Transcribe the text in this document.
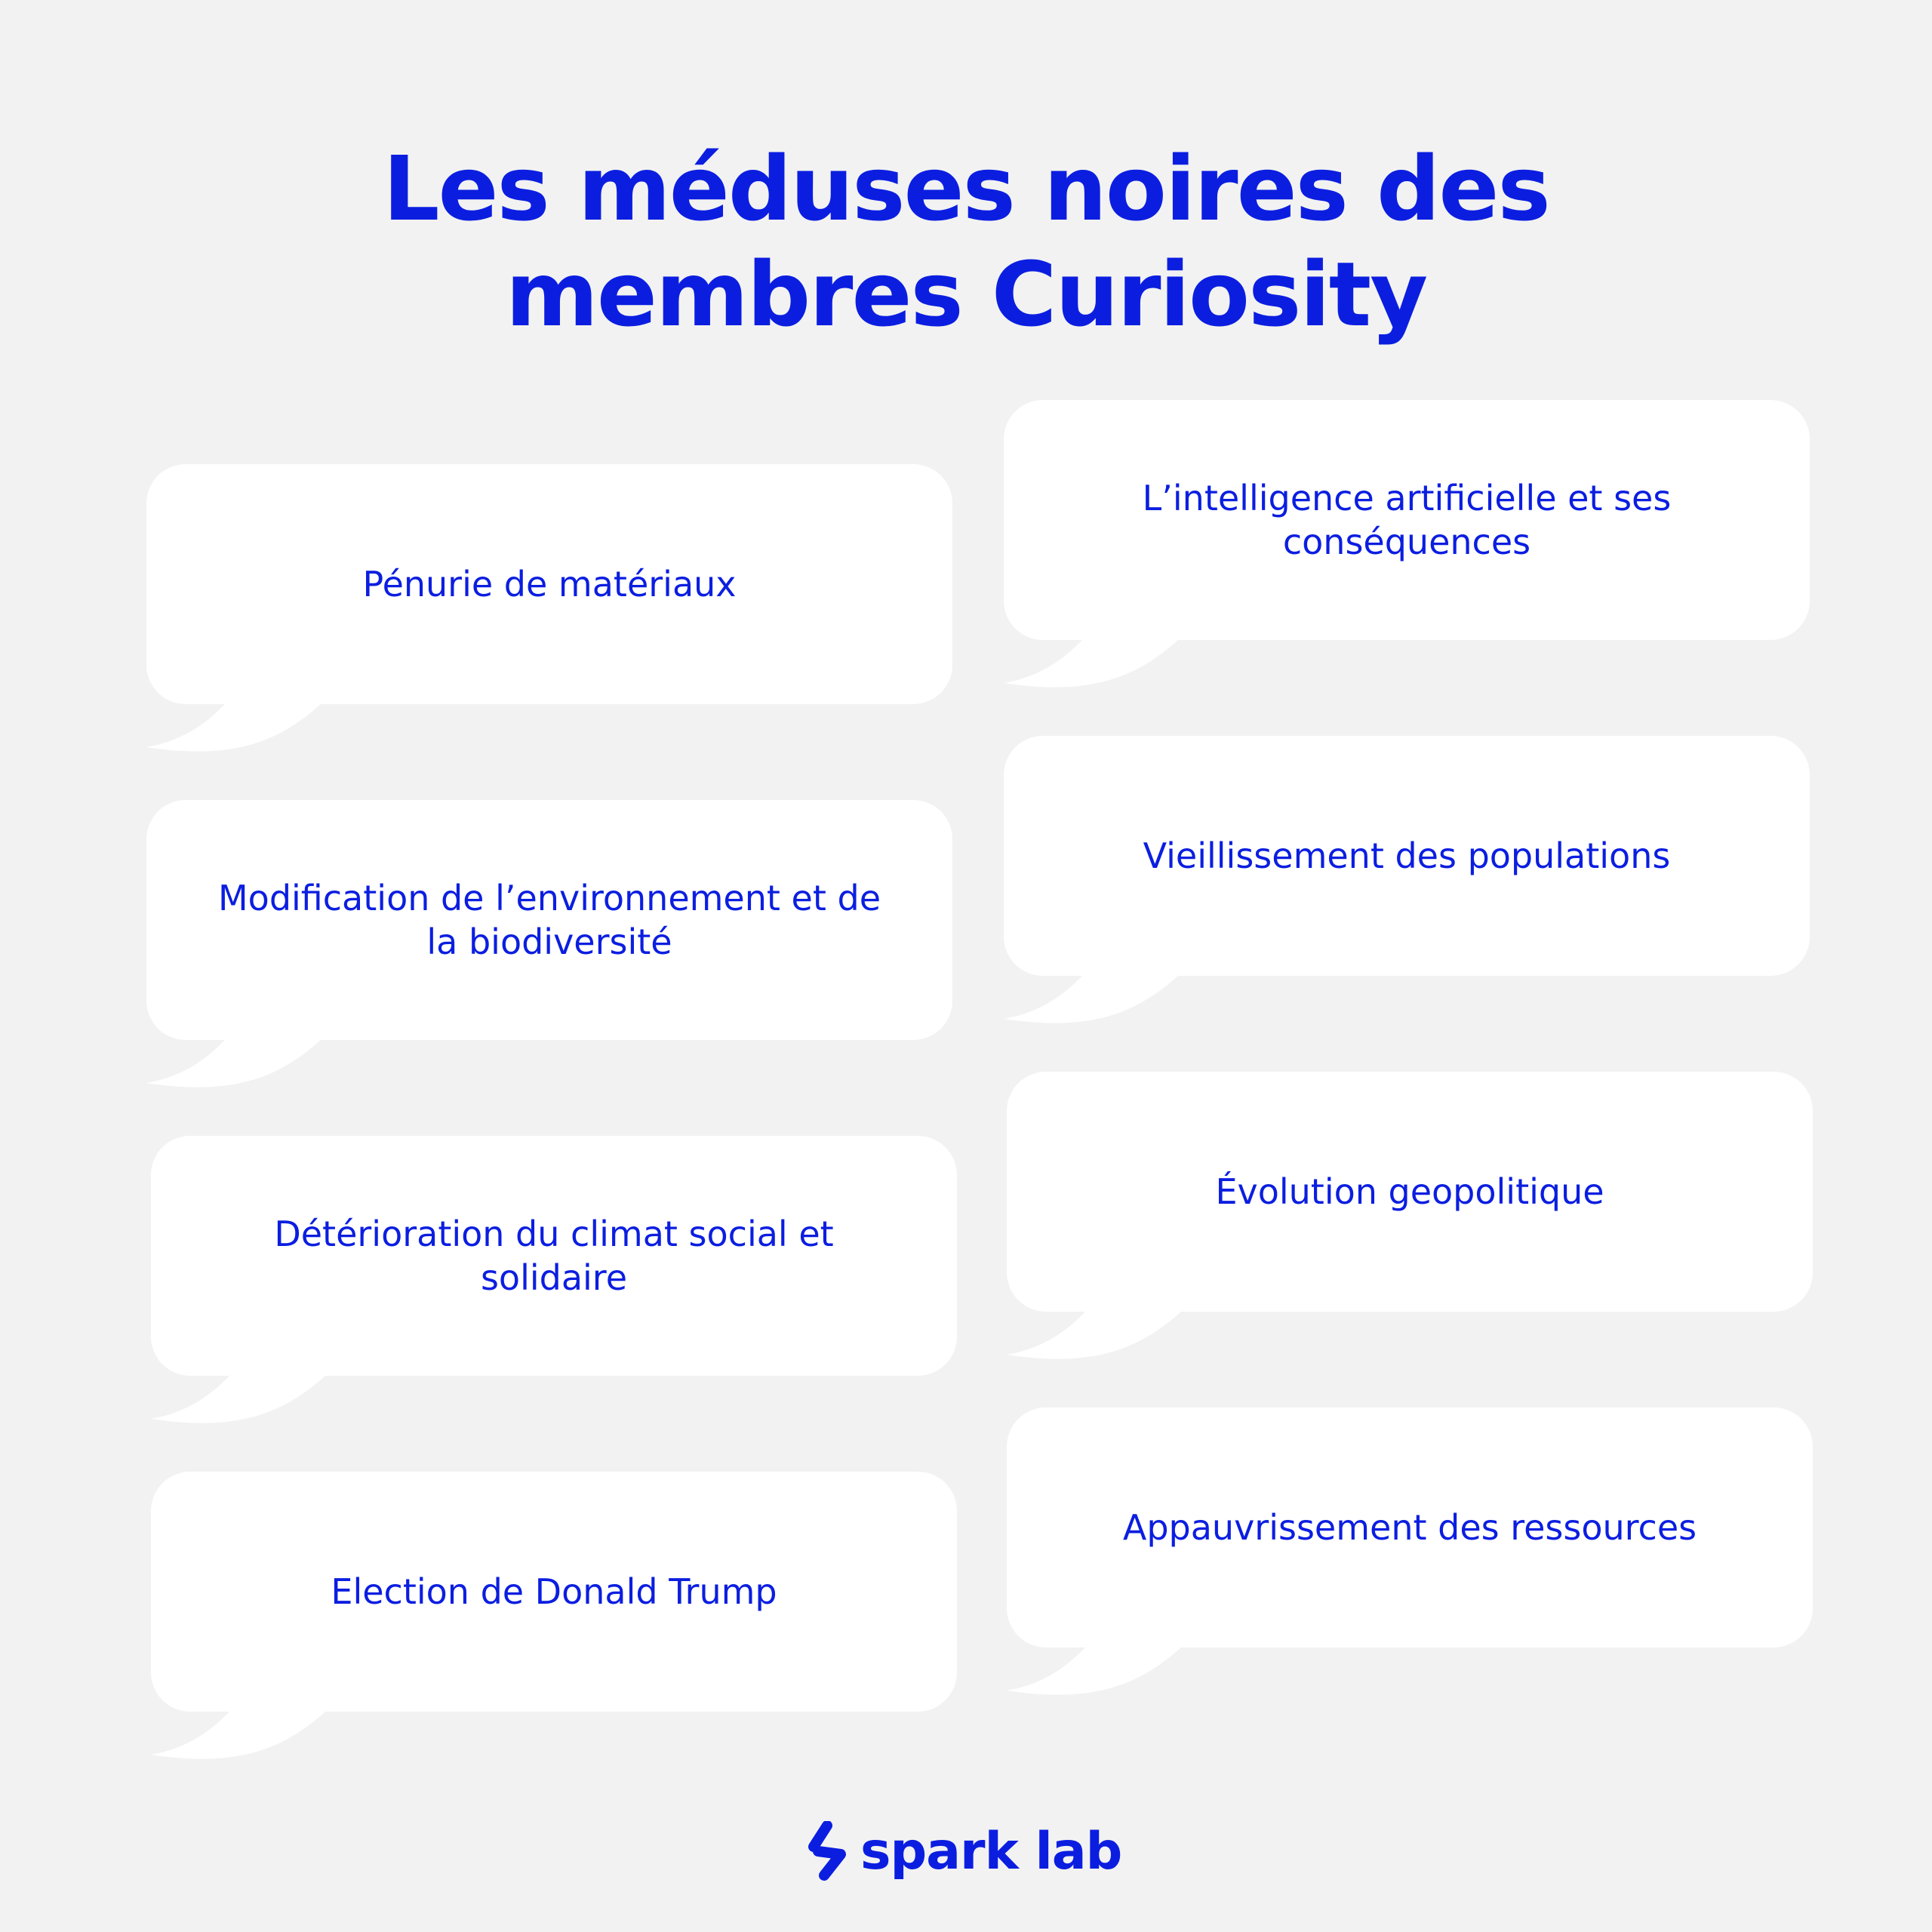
Les méduses noires des
membres Curiosity
Pénurie de matériaux
Modification de l’environnement et de la biodiversité
Détérioration du climat social et solidaire
Election de Donald Trump
L’intelligence artificielle et ses conséquences
Vieillissement des populations
Évolution geopolitique
Appauvrissement des ressources
spark lab
